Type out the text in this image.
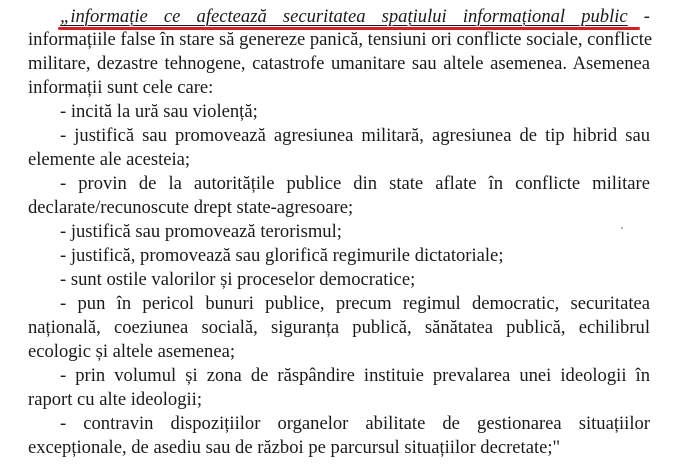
„informație ce afectează securitatea spațiului informațional public -
informațiile false în stare să genereze panică, tensiuni ori conflicte sociale, conflicte
militare, dezastre tehnogene, catastrofe umanitare sau altele asemenea. Asemenea
informații sunt cele care:
- incită la ură sau violență;
- justifică sau promovează agresiunea militară, agresiunea de tip hibrid sau
elemente ale acesteia;
- provin de la autoritățile publice din state aflate în conflicte militare
declarate/recunoscute drept state-agresoare;
- justifică sau promovează terorismul;
- justifică, promovează sau glorifică regimurile dictatoriale;
- sunt ostile valorilor și proceselor democratice;
- pun în pericol bunuri publice, precum regimul democratic, securitatea
națională, coeziunea socială, siguranța publică, sănătatea publică, echilibrul
ecologic și altele asemenea;
- prin volumul și zona de răspândire instituie prevalarea unei ideologii în
raport cu alte ideologii;
- contravin dispozițiilor organelor abilitate de gestionarea situațiilor
excepționale, de asediu sau de război pe parcursul situațiilor decretate;"
